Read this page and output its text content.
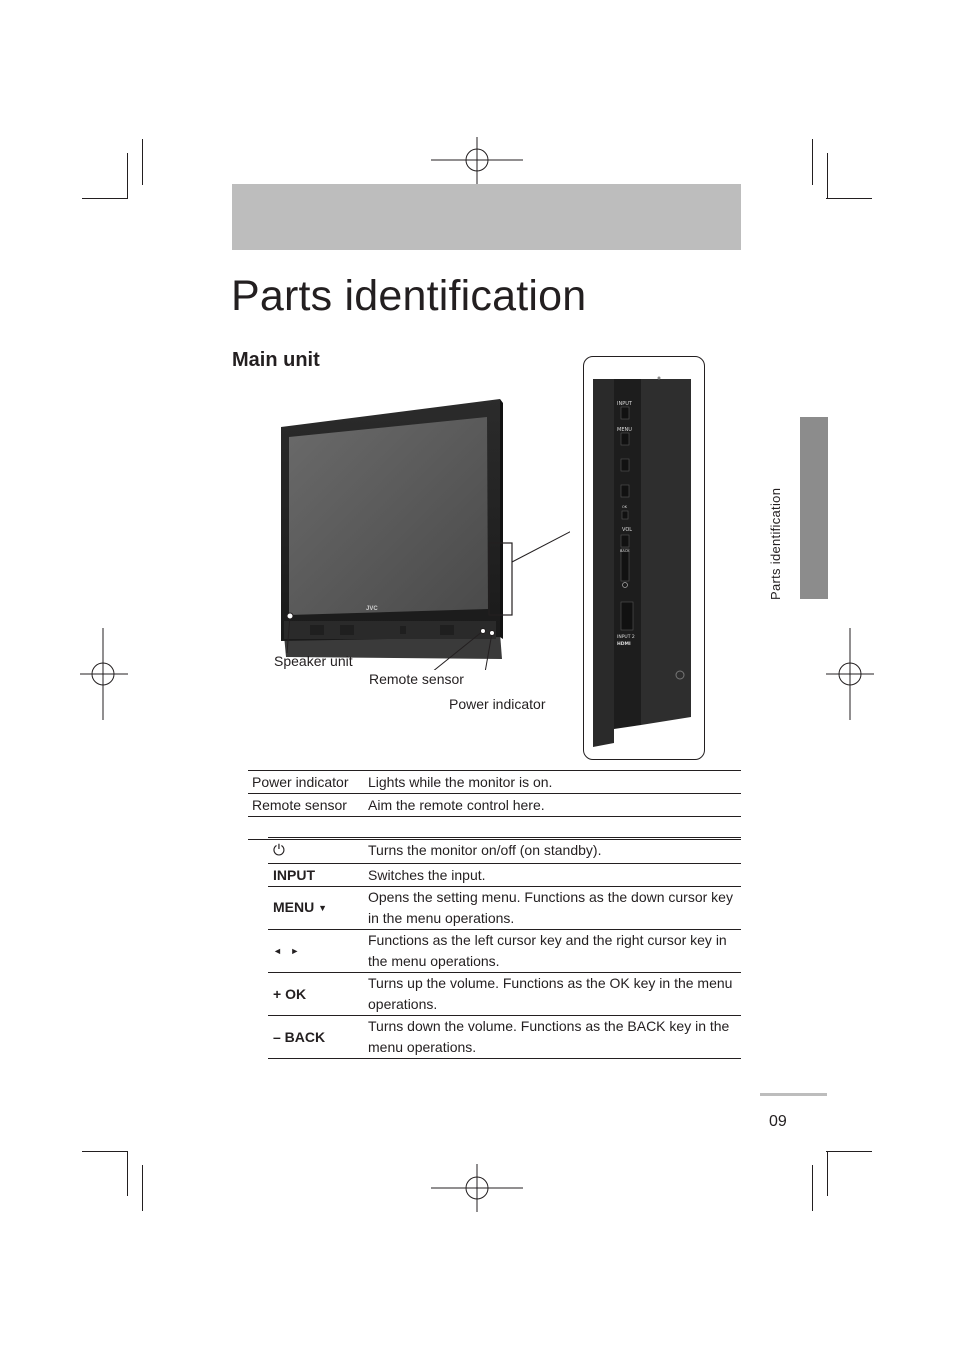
Parts identification
Main unit
Parts identification
JVC
Speaker unit
Remote sensor
Power indicator
INPUT
MENU
OK
VOL
BACK
INPUT 2
HDMI
Power indicator	Lights while the monitor is on.
Remote sensor	Aim the remote control here.

⏻	Turns the monitor on/off (on standby).
INPUT	Switches the input.
MENU ▼	Opens the setting menu. Functions as the down cursor key in the menu operations.
◄ ►	Functions as the left cursor key and the right cursor key in the menu operations.
+ OK	Turns up the volume. Functions as the OK key in the menu operations.
– BACK	Turns down the volume. Functions as the BACK key in the menu operations.
09
